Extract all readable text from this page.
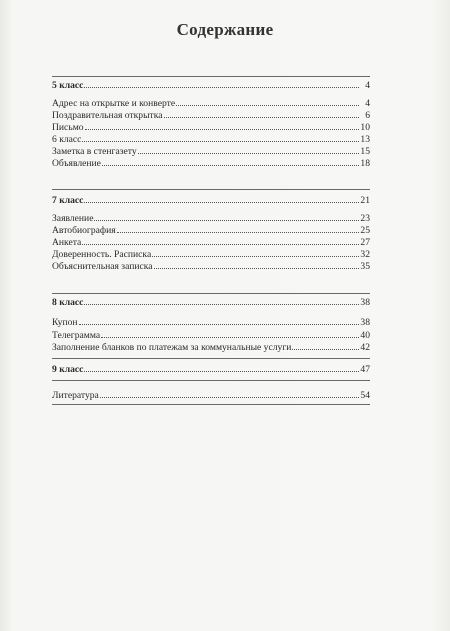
Содержание
5 класс	4
Адрес на открытке и конверте	4
Поздравительная открытка	6
Письмо	10
6 класс	13
Заметка в стенгазету	15
Объявление	18
7 класс	21
Заявление	23
Автобиография	25
Анкета	27
Доверенность. Расписка	32
Объяснительная записка	35
8 класс	38
Купон	38
Телеграмма	40
Заполнение бланков по платежам за коммунальные услуги	42
9 класс	47
Литература	54
